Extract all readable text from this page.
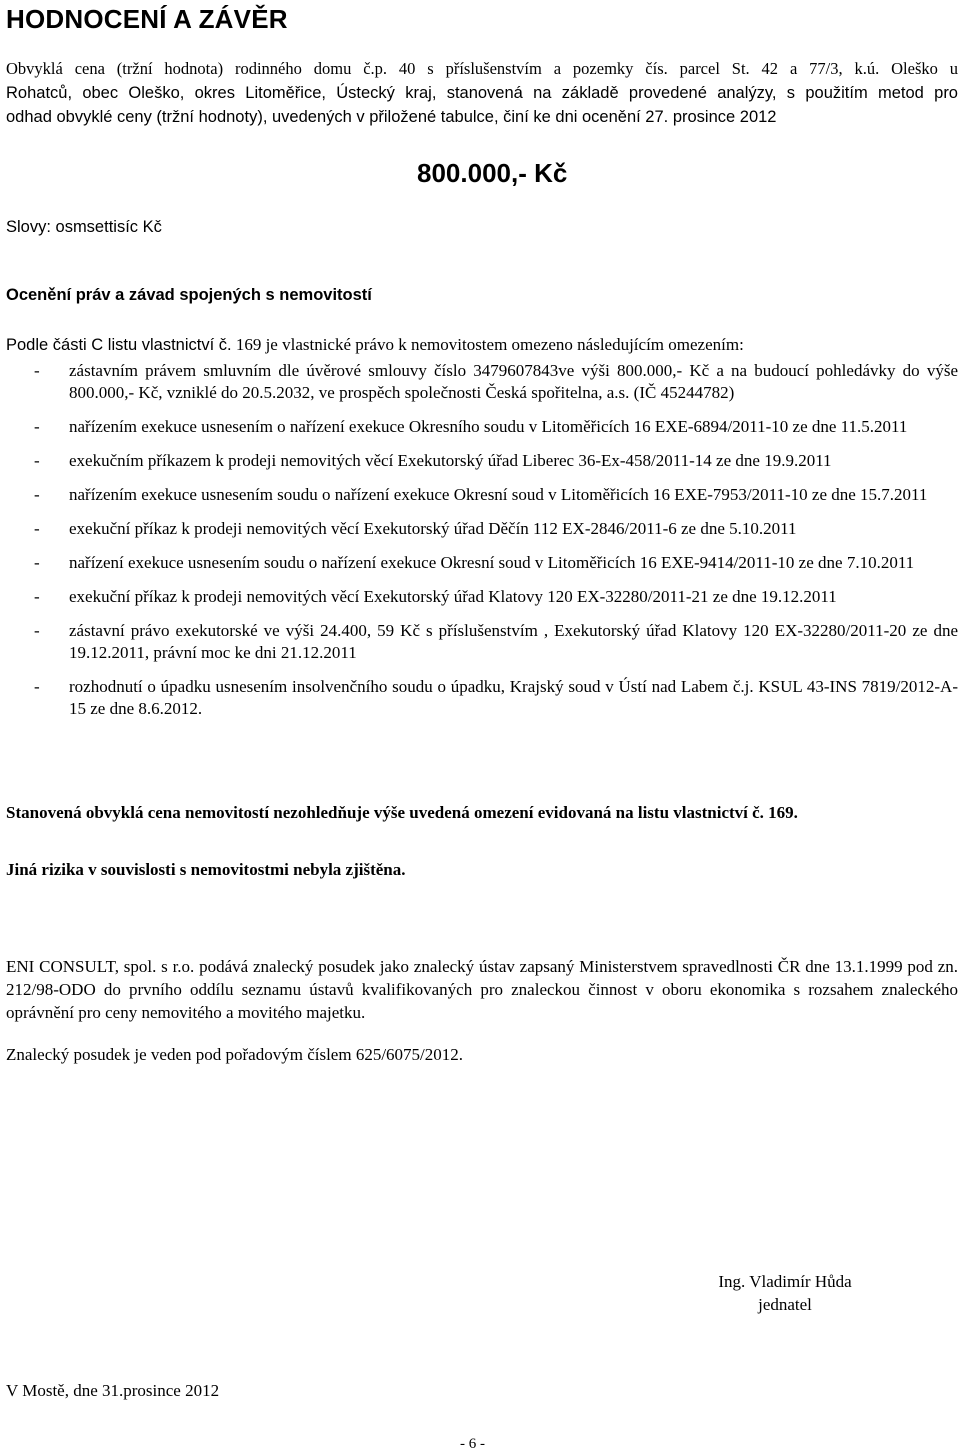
HODNOCENÍ A ZÁVĚR
Obvyklá cena (tržní hodnota) rodinného domu č.p. 40 s příslušenstvím a pozemky čís. parcel St. 42 a 77/3, k.ú. Oleško u
Rohatců, obec Oleško, okres Litoměřice, Ústecký kraj, stanovená na základě provedené analýzy, s použitím metod pro
odhad obvyklé ceny (tržní hodnoty), uvedených v přiložené tabulce, činí ke dni ocenění 27. prosince 2012
800.000,- Kč
Slovy: osmsettisíc Kč
Ocenění práv a závad spojených s nemovitostí
Podle části C listu vlastnictví č. 169 je vlastnické právo k nemovitostem omezeno následujícím omezením:
- zástavním právem smluvním dle úvěrové smlouvy číslo 3479607843ve výši 800.000,- Kč a na budoucí pohledávky do výše 800.000,- Kč, vzniklé do 20.5.2032, ve prospěch společnosti Česká spořitelna, a.s. (IČ 45244782)
- nařízením exekuce usnesením o nařízení exekuce Okresního soudu v Litoměřicích 16 EXE-6894/2011-10 ze dne 11.5.2011
- exekučním příkazem k prodeji nemovitých věcí Exekutorský úřad Liberec 36-Ex-458/2011-14 ze dne 19.9.2011
- nařízením exekuce usnesením soudu o nařízení exekuce Okresní soud v Litoměřicích 16 EXE-7953/2011-10 ze dne 15.7.2011
- exekuční příkaz k prodeji nemovitých věcí Exekutorský úřad Děčín 112 EX-2846/2011-6 ze dne 5.10.2011
- nařízení exekuce usnesením soudu o nařízení exekuce Okresní soud v Litoměřicích 16 EXE-9414/2011-10 ze dne 7.10.2011
- exekuční příkaz k prodeji nemovitých věcí Exekutorský úřad Klatovy 120 EX-32280/2011-21 ze dne 19.12.2011
- zástavní právo exekutorské ve výši 24.400, 59 Kč s příslušenstvím , Exekutorský úřad Klatovy 120 EX-32280/2011-20 ze dne 19.12.2011, právní moc ke dni 21.12.2011
- rozhodnutí o úpadku usnesením insolvenčního soudu o úpadku, Krajský soud v Ústí nad Labem č.j. KSUL 43-INS 7819/2012-A-15 ze dne 8.6.2012.
Stanovená obvyklá cena nemovitostí nezohledňuje výše uvedená omezení evidovaná na listu vlastnictví č. 169.
Jiná rizika v souvislosti s nemovitostmi nebyla zjištěna.
ENI CONSULT, spol. s r.o. podává znalecký posudek jako znalecký ústav zapsaný Ministerstvem spravedlnosti ČR dne 13.1.1999 pod zn. 212/98-ODO do prvního oddílu seznamu ústavů kvalifikovaných pro znaleckou činnost v oboru ekonomika s rozsahem znaleckého oprávnění pro ceny nemovitého a movitého majetku.
Znalecký posudek je veden pod pořadovým číslem 625/6075/2012.
Ing. Vladimír Hůda
jednatel
V Mostě, dne 31.prosince 2012
- 6 -
